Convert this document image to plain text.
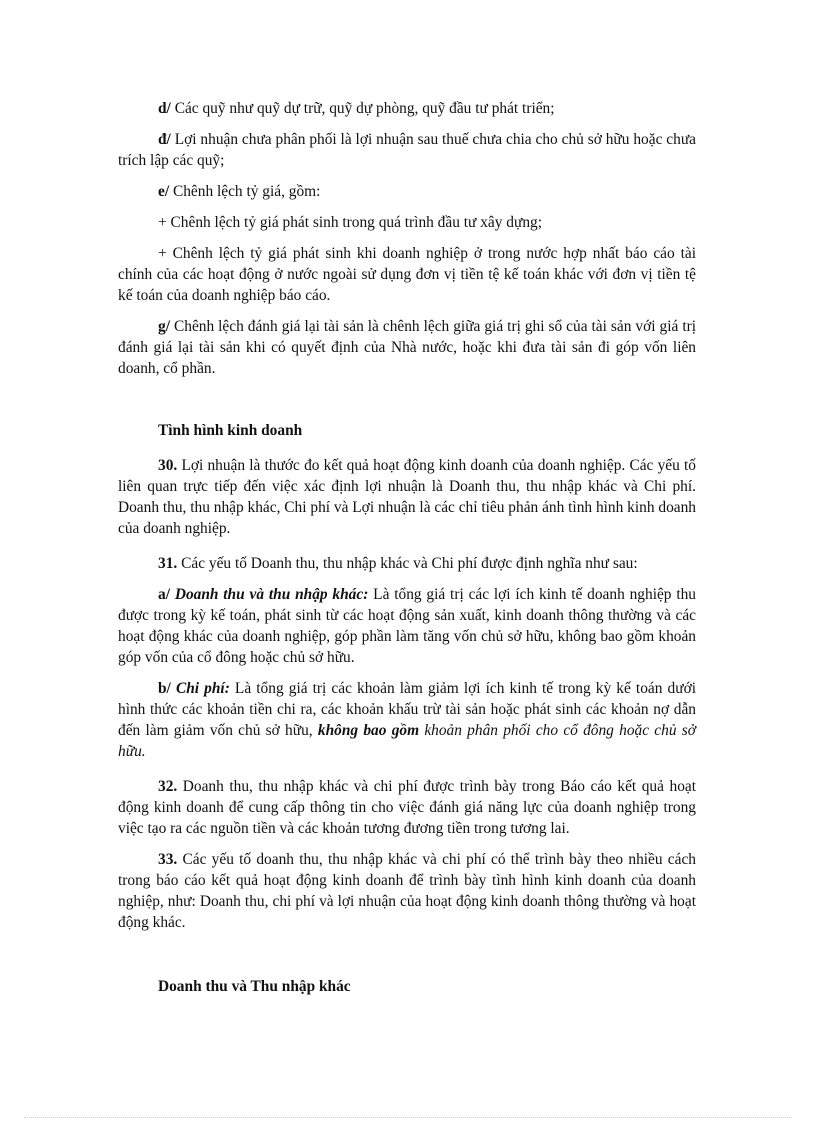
d/ Các quỹ như quỹ dự trữ, quỹ dự phòng, quỹ đầu tư phát triển;

đ/ Lợi nhuận chưa phân phối là lợi nhuận sau thuế chưa chia cho chủ sở hữu hoặc chưa trích lập các quỹ;

e/ Chênh lệch tỷ giá, gồm:

+ Chênh lệch tỷ giá phát sinh trong quá trình đầu tư xây dựng;

+ Chênh lệch tỷ giá phát sinh khi doanh nghiệp ở trong nước hợp nhất báo cáo tài chính của các hoạt động ở nước ngoài sử dụng đơn vị tiền tệ kế toán khác với đơn vị tiền tệ kế toán của doanh nghiệp báo cáo.

g/ Chênh lệch đánh giá lại tài sản là chênh lệch giữa giá trị ghi sổ của tài sản với giá trị đánh giá lại tài sản khi có quyết định của Nhà nước, hoặc khi đưa tài sản đi góp vốn liên doanh, cổ phần.

Tình hình kinh doanh

30. Lợi nhuận là thước đo kết quả hoạt động kinh doanh của doanh nghiệp. Các yếu tố liên quan trực tiếp đến việc xác định lợi nhuận là Doanh thu, thu nhập khác và Chi phí. Doanh thu, thu nhập khác, Chi phí và Lợi nhuận là các chỉ tiêu phản ánh tình hình kinh doanh của doanh nghiệp.

31. Các yếu tố Doanh thu, thu nhập khác và Chi phí được định nghĩa như sau:

a/ Doanh thu và thu nhập khác: Là tổng giá trị các lợi ích kinh tế doanh nghiệp thu được trong kỳ kế toán, phát sinh từ các hoạt động sản xuất, kinh doanh thông thường và các hoạt động khác của doanh nghiệp, góp phần làm tăng vốn chủ sở hữu, không bao gồm khoản góp vốn của cổ đông hoặc chủ sở hữu.

b/ Chi phí: Là tổng giá trị các khoản làm giảm lợi ích kinh tế trong kỳ kế toán dưới hình thức các khoản tiền chi ra, các khoản khấu trừ tài sản hoặc phát sinh các khoản nợ dẫn đến làm giảm vốn chủ sở hữu, không bao gồm khoản phân phối cho cổ đông hoặc chủ sở hữu.

32. Doanh thu, thu nhập khác và chi phí được trình bày trong Báo cáo kết quả hoạt động kinh doanh để cung cấp thông tin cho việc đánh giá năng lực của doanh nghiệp trong việc tạo ra các nguồn tiền và các khoản tương đương tiền trong tương lai.

33. Các yếu tố doanh thu, thu nhập khác và chi phí có thể trình bày theo nhiều cách trong báo cáo kết quả hoạt động kinh doanh để trình bày tình hình kinh doanh của doanh nghiệp, như: Doanh thu, chi phí và lợi nhuận của hoạt động kinh doanh thông thường và hoạt động khác.

Doanh thu và Thu nhập khác
